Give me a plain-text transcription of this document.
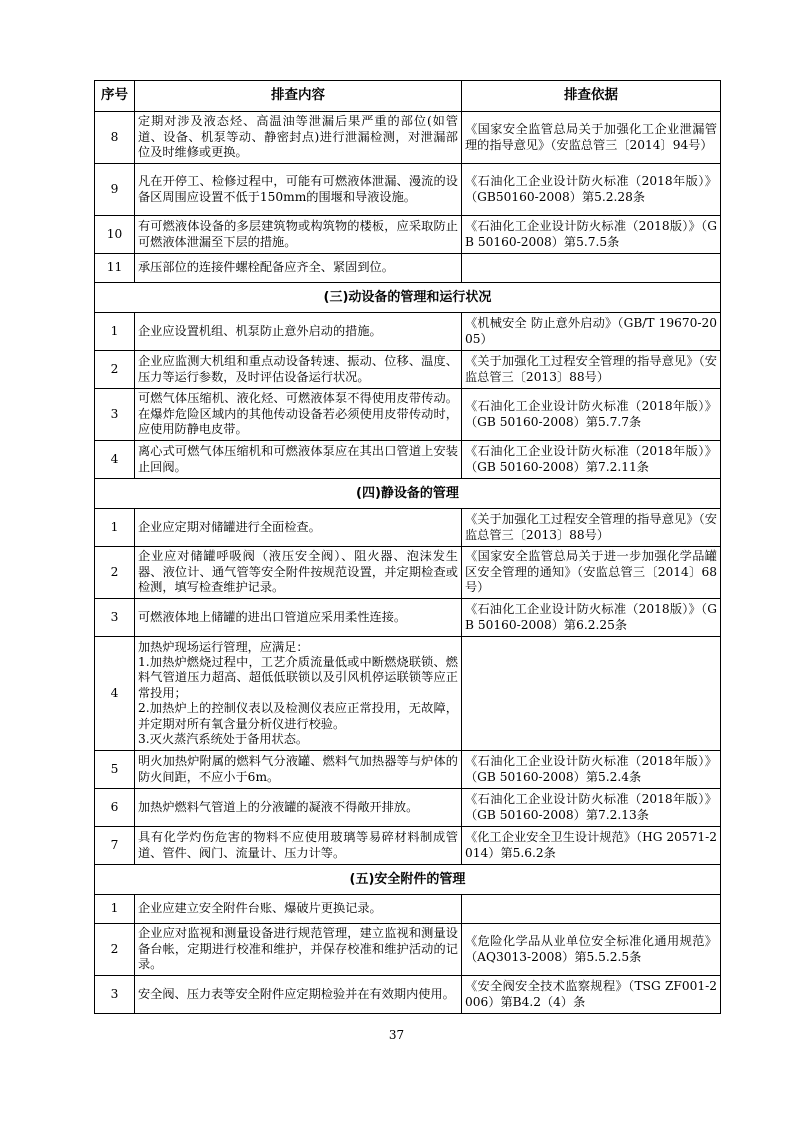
序号	排查内容	排查依据
8	定期对涉及液态烃、高温油等泄漏后果严重的部位(如管道、设备、机泵等动、静密封点)进行泄漏检测，对泄漏部位及时维修或更换。	《国家安全监管总局关于加强化工企业泄漏管理的指导意见》（安监总管三〔2014〕94号）
9	凡在开停工、检修过程中，可能有可燃液体泄漏、漫流的设备区周围应设置不低于150mm的围堰和导液设施。	《石油化工企业设计防火标准（2018年版）》（GB50160-2008）第5.2.28条
10	有可燃液体设备的多层建筑物或构筑物的楼板，应采取防止可燃液体泄漏至下层的措施。	《石油化工企业设计防火标准（2018版）》（GB 50160-2008）第5.7.5条
11	承压部位的连接件螺栓配备应齐全、紧固到位。	
(三)动设备的管理和运行状况		
1	企业应设置机组、机泵防止意外启动的措施。	《机械安全 防止意外启动》（GB/T 19670-2005）
2	企业应监测大机组和重点动设备转速、振动、位移、温度、压力等运行参数，及时评估设备运行状况。	《关于加强化工过程安全管理的指导意见》（安监总管三〔2013〕88号）
3	可燃气体压缩机、液化烃、可燃液体泵不得使用皮带传动。在爆炸危险区域内的其他传动设备若必须使用皮带传动时，应使用防静电皮带。	《石油化工企业设计防火标准（2018年版）》（GB 50160-2008）第5.7.7条
4	离心式可燃气体压缩机和可燃液体泵应在其出口管道上安装止回阀。	《石油化工企业设计防火标准（2018年版）》（GB 50160-2008）第7.2.11条
(四)静设备的管理		
1	企业应定期对储罐进行全面检查。	《关于加强化工过程安全管理的指导意见》（安监总管三〔2013〕88号）
2	企业应对储罐呼吸阀（液压安全阀）、阻火器、泡沫发生器、液位计、通气管等安全附件按规范设置，并定期检查或检测，填写检查维护记录。	《国家安全监管总局关于进一步加强化学品罐区安全管理的通知》（安监总管三〔2014〕68号）
3	可燃液体地上储罐的进出口管道应采用柔性连接。	《石油化工企业设计防火标准（2018版）》（GB 50160-2008）第6.2.25条
4	加热炉现场运行管理，应满足：
1.加热炉燃烧过程中，工艺介质流量低或中断燃烧联锁、燃料气管道压力超高、超低低联锁以及引风机停运联锁等应正常投用；
2.加热炉上的控制仪表以及检测仪表应正常投用，无故障，并定期对所有氧含量分析仪进行校验。
3.灭火蒸汽系统处于备用状态。	

5	明火加热炉附属的燃料气分液罐、燃料气加热器等与炉体的防火间距，不应小于6m。	《石油化工企业设计防火标准（2018年版）》（GB 50160-2008）第5.2.4条
6	加热炉燃料气管道上的分液罐的凝液不得敞开排放。	《石油化工企业设计防火标准（2018年版）》（GB 50160-2008）第7.2.13条
7	具有化学灼伤危害的物料不应使用玻璃等易碎材料制成管道、管件、阀门、流量计、压力计等。	《化工企业安全卫生设计规范》（HG 20571-2014）第5.6.2条
(五)安全附件的管理		
1	企业应建立安全附件台账、爆破片更换记录。	
2	企业应对监视和测量设备进行规范管理，建立监视和测量设备台帐，定期进行校准和维护，并保存校准和维护活动的记录。	《危险化学品从业单位安全标准化通用规范》（AQ3013-2008）第5.5.2.5条
3	安全阀、压力表等安全附件应定期检验并在有效期内使用。	《安全阀安全技术监察规程》（TSG ZF001-2006）第B4.2（4）条
37
